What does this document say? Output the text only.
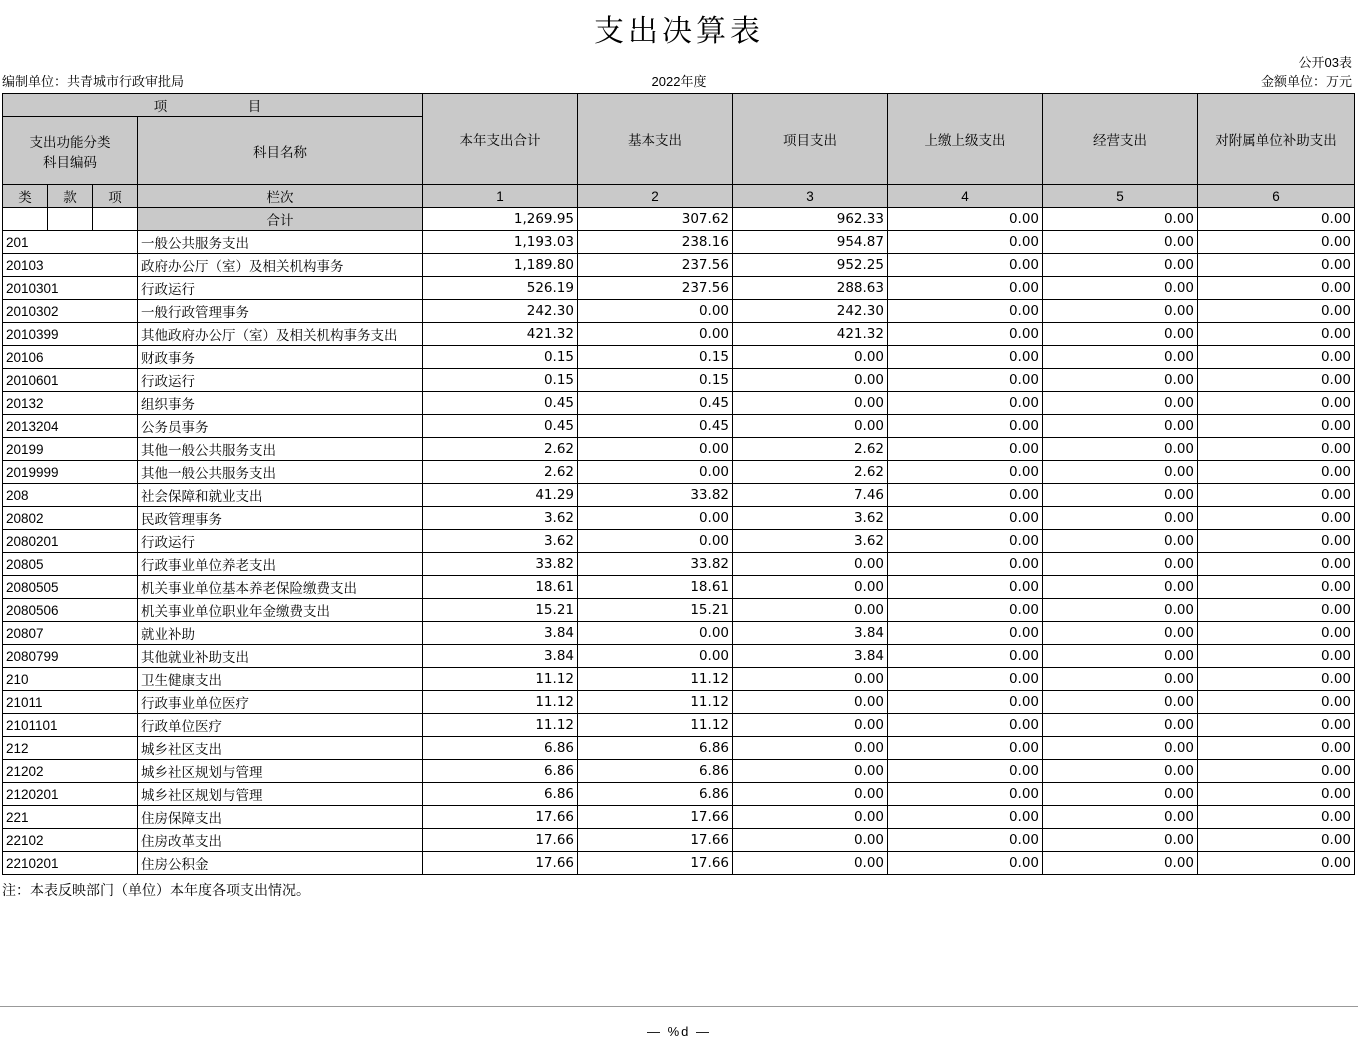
支出决算表
公开03表
编制单位：共青城市行政审批局	2022年度	金额单位：万元
项　　　目				本年支出合计	基本支出	项目支出	上缴上级支出	经营支出	对附属单位补助支出

支出功能分类
科目编码			科目名称						
类	款	项	栏次	1	2	3	4	5	6
			合计	1,269.95	307.62	962.33	0.00	0.00	0.00
201			一般公共服务支出	1,193.03	238.16	954.87	0.00	0.00	0.00
20103			政府办公厅（室）及相关机构事务	1,189.80	237.56	952.25	0.00	0.00	0.00
2010301			行政运行	526.19	237.56	288.63	0.00	0.00	0.00
2010302			一般行政管理事务	242.30	0.00	242.30	0.00	0.00	0.00
2010399			其他政府办公厅（室）及相关机构事务支出	421.32	0.00	421.32	0.00	0.00	0.00
20106			财政事务	0.15	0.15	0.00	0.00	0.00	0.00
2010601			行政运行	0.15	0.15	0.00	0.00	0.00	0.00
20132			组织事务	0.45	0.45	0.00	0.00	0.00	0.00
2013204			公务员事务	0.45	0.45	0.00	0.00	0.00	0.00
20199			其他一般公共服务支出	2.62	0.00	2.62	0.00	0.00	0.00
2019999			其他一般公共服务支出	2.62	0.00	2.62	0.00	0.00	0.00
208			社会保障和就业支出	41.29	33.82	7.46	0.00	0.00	0.00
20802			民政管理事务	3.62	0.00	3.62	0.00	0.00	0.00
2080201			行政运行	3.62	0.00	3.62	0.00	0.00	0.00
20805			行政事业单位养老支出	33.82	33.82	0.00	0.00	0.00	0.00
2080505			机关事业单位基本养老保险缴费支出	18.61	18.61	0.00	0.00	0.00	0.00
2080506			机关事业单位职业年金缴费支出	15.21	15.21	0.00	0.00	0.00	0.00
20807			就业补助	3.84	0.00	3.84	0.00	0.00	0.00
2080799			其他就业补助支出	3.84	0.00	3.84	0.00	0.00	0.00
210			卫生健康支出	11.12	11.12	0.00	0.00	0.00	0.00
21011			行政事业单位医疗	11.12	11.12	0.00	0.00	0.00	0.00
2101101			行政单位医疗	11.12	11.12	0.00	0.00	0.00	0.00
212			城乡社区支出	6.86	6.86	0.00	0.00	0.00	0.00
21202			城乡社区规划与管理	6.86	6.86	0.00	0.00	0.00	0.00
2120201			城乡社区规划与管理	6.86	6.86	0.00	0.00	0.00	0.00
221			住房保障支出	17.66	17.66	0.00	0.00	0.00	0.00
22102			住房改革支出	17.66	17.66	0.00	0.00	0.00	0.00
2210201			住房公积金	17.66	17.66	0.00	0.00	0.00	0.00
注：本表反映部门（单位）本年度各项支出情况。
— %d —
